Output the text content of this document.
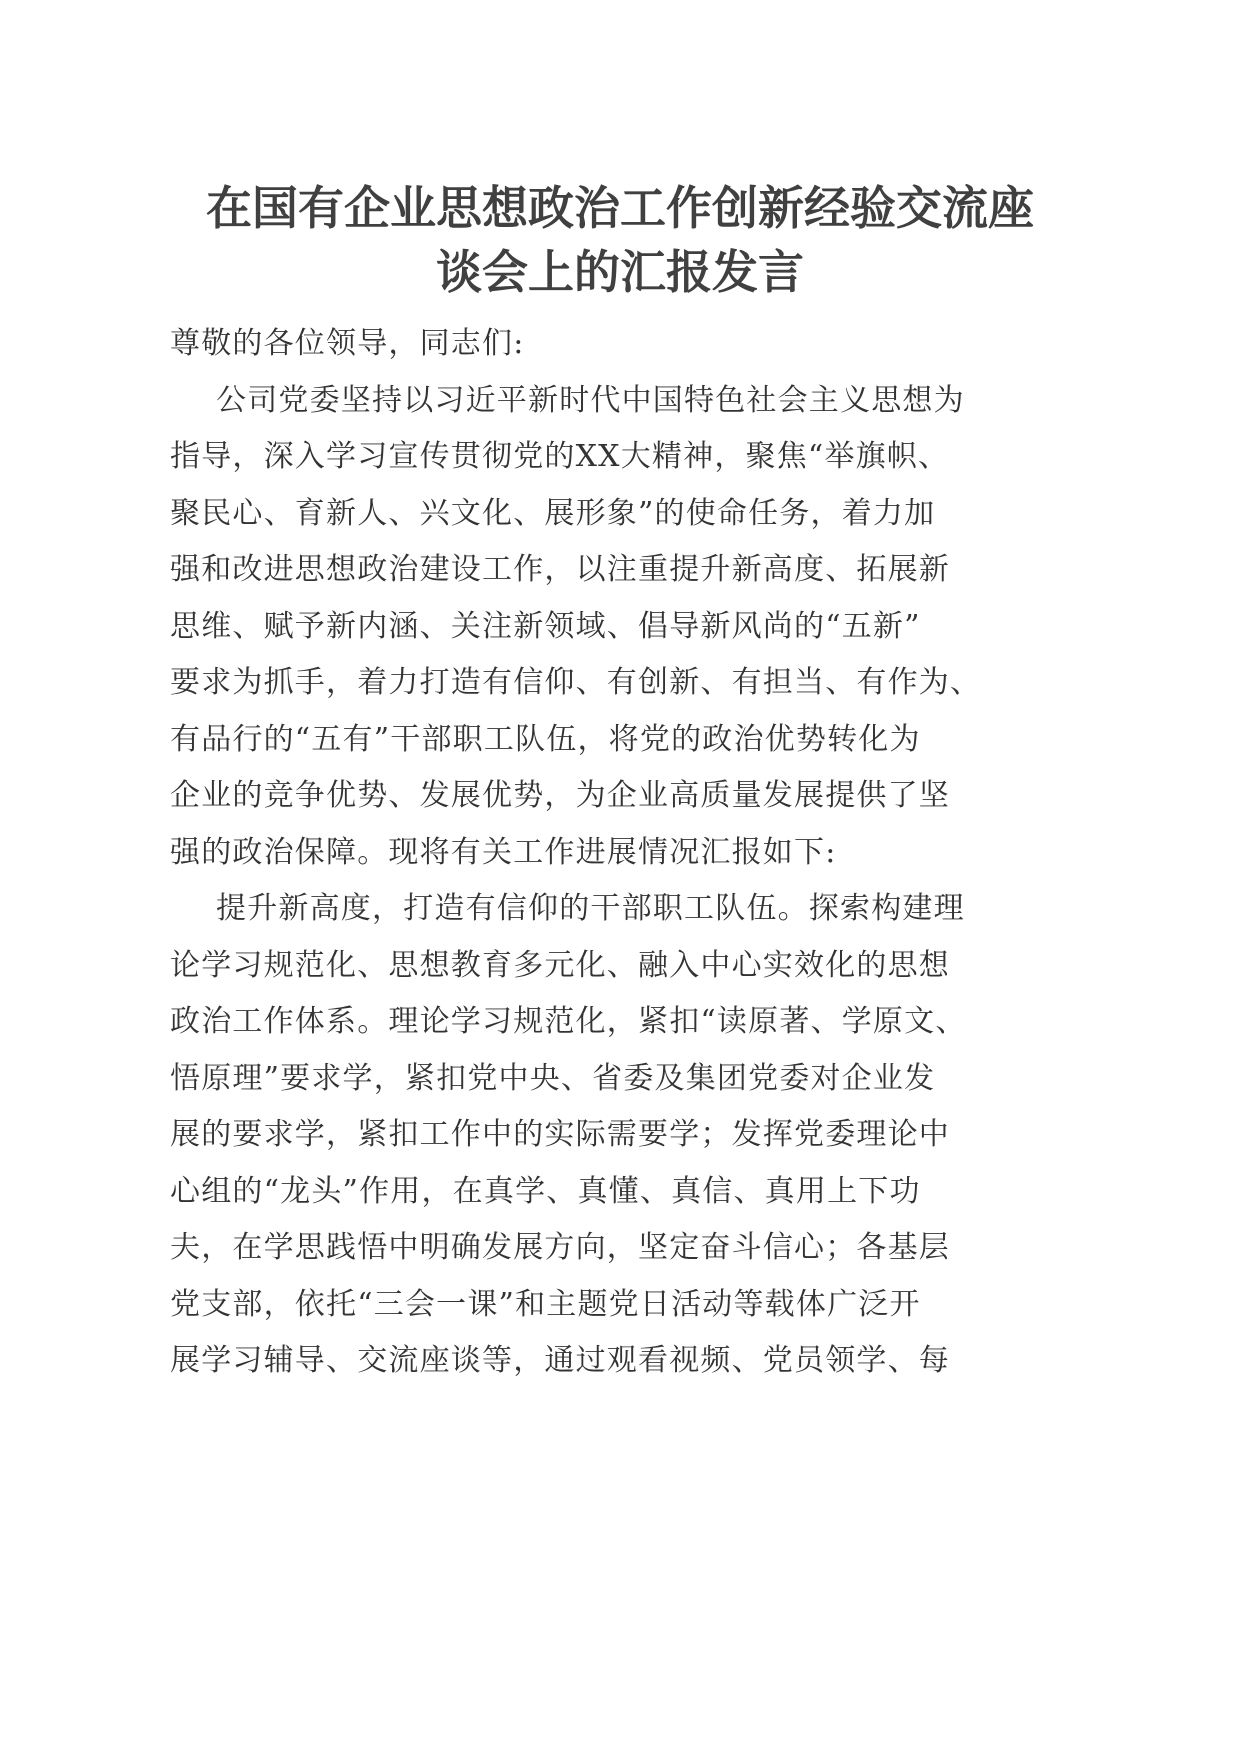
在国有企业思想政治工作创新经验交流座
谈会上的汇报发言
尊敬的各位领导，同志们:
公司党委坚持以习近平新时代中国特色社会主义思想为
指导，深入学习宣传贯彻党的XX大精神，聚焦“举旗帜、
聚民心、育新人、兴文化、展形象”的使命任务，着力加
强和改进思想政治建设工作，以注重提升新高度、拓展新
思维、赋予新内涵、关注新领域、倡导新风尚的“五新”
要求为抓手，着力打造有信仰、有创新、有担当、有作为、
有品行的“五有”干部职工队伍，将党的政治优势转化为
企业的竞争优势、发展优势，为企业高质量发展提供了坚
强的政治保障。现将有关工作进展情况汇报如下:
提升新高度，打造有信仰的干部职工队伍。探索构建理
论学习规范化、思想教育多元化、融入中心实效化的思想
政治工作体系。理论学习规范化，紧扣“读原著、学原文、
悟原理”要求学，紧扣党中央、省委及集团党委对企业发
展的要求学，紧扣工作中的实际需要学；发挥党委理论中
心组的“龙头”作用，在真学、真懂、真信、真用上下功
夫，在学思践悟中明确发展方向，坚定奋斗信心；各基层
党支部，依托“三会一课”和主题党日活动等载体广泛开
展学习辅导、交流座谈等，通过观看视频、党员领学、每
